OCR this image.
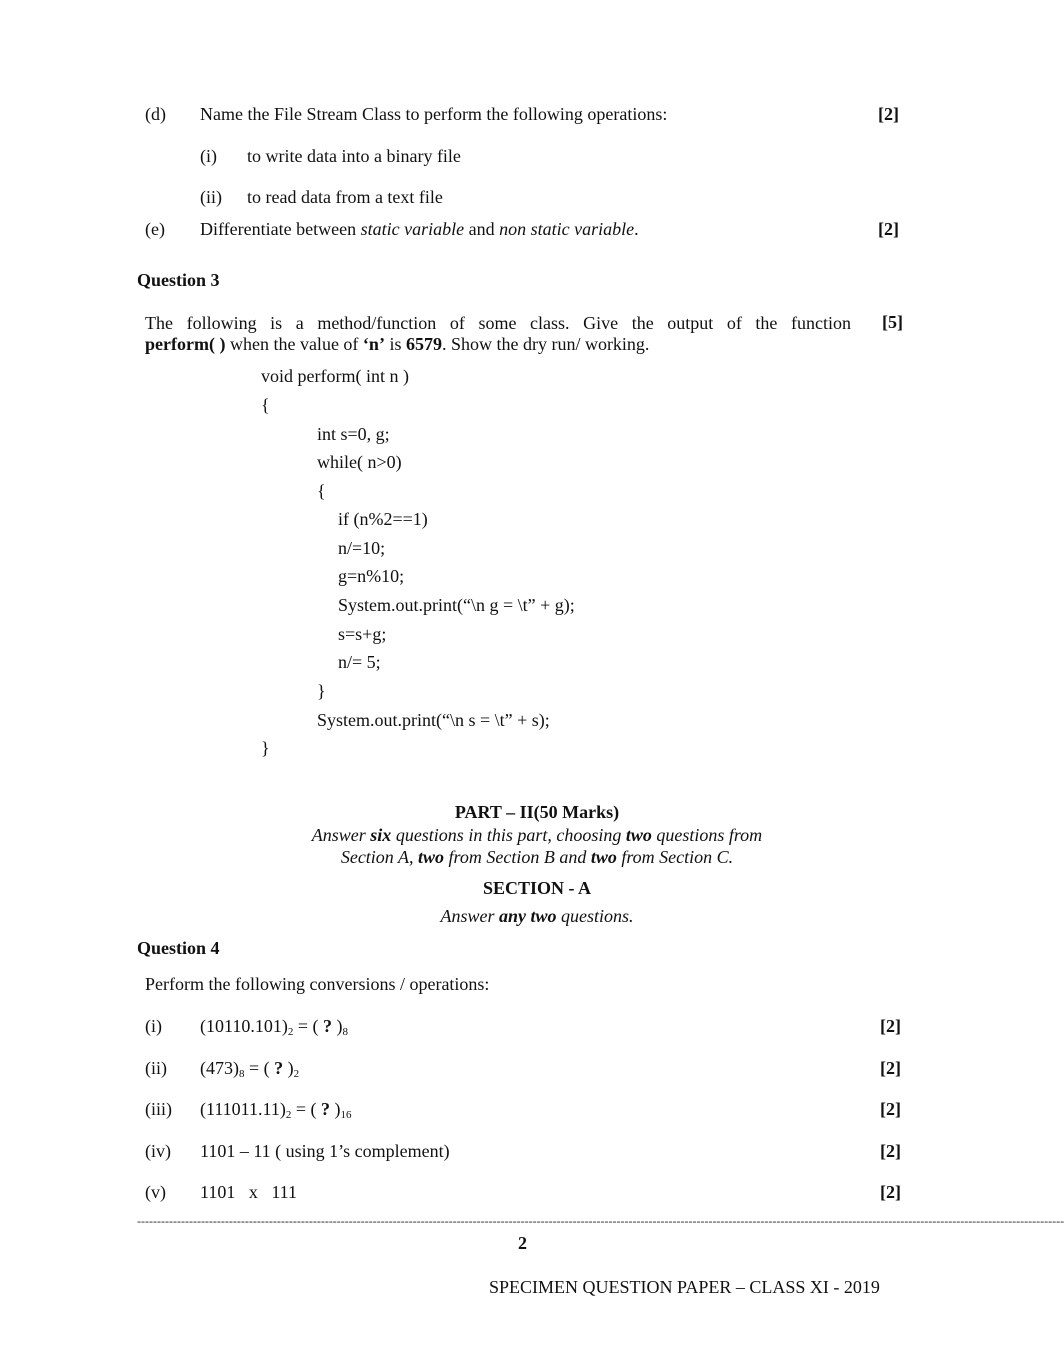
(d) Name the File Stream Class to perform the following operations:	[2]
(i) to write data into a binary file
(ii) to read data from a text file
(e) Differentiate between static variable and non static variable.	[2]
Question 3
The following is a method/function of some class. Give the output of the function
perform( ) when the value of ‘n’ is 6579. Show the dry run/ working.
[5]
void perform( int n )
{
int s=0, g;
while( n>0)
{
if (n%2==1)
n/=10;
g=n%10;
System.out.print(“\n g = \t” + g);
s=s+g;
n/= 5;
}
System.out.print(“\n s = \t” + s);
}
PART – II(50 Marks)
Answer six questions in this part, choosing two questions from
Section A, two from Section B and two from Section C.
SECTION - A
Answer any two questions.
Question 4
Perform the following conversions / operations:
(i) $(10110.101)_2$ = ( ? )$_8$	[2]
(ii) $(473)_8$ = ( ? )$_2$	[2]
(iii) $(111011.11)_2$ = ( ? )$_{16}$	[2]
(iv) 1101 – 11 ( using 1’s complement)	[2]
(v) 1101   x   111	[2]
----------------------------------------------------------------------------------------------------------------------------------------------------------------------------------------------------------------------------------------
2
SPECIMEN QUESTION PAPER – CLASS XI - 2019
